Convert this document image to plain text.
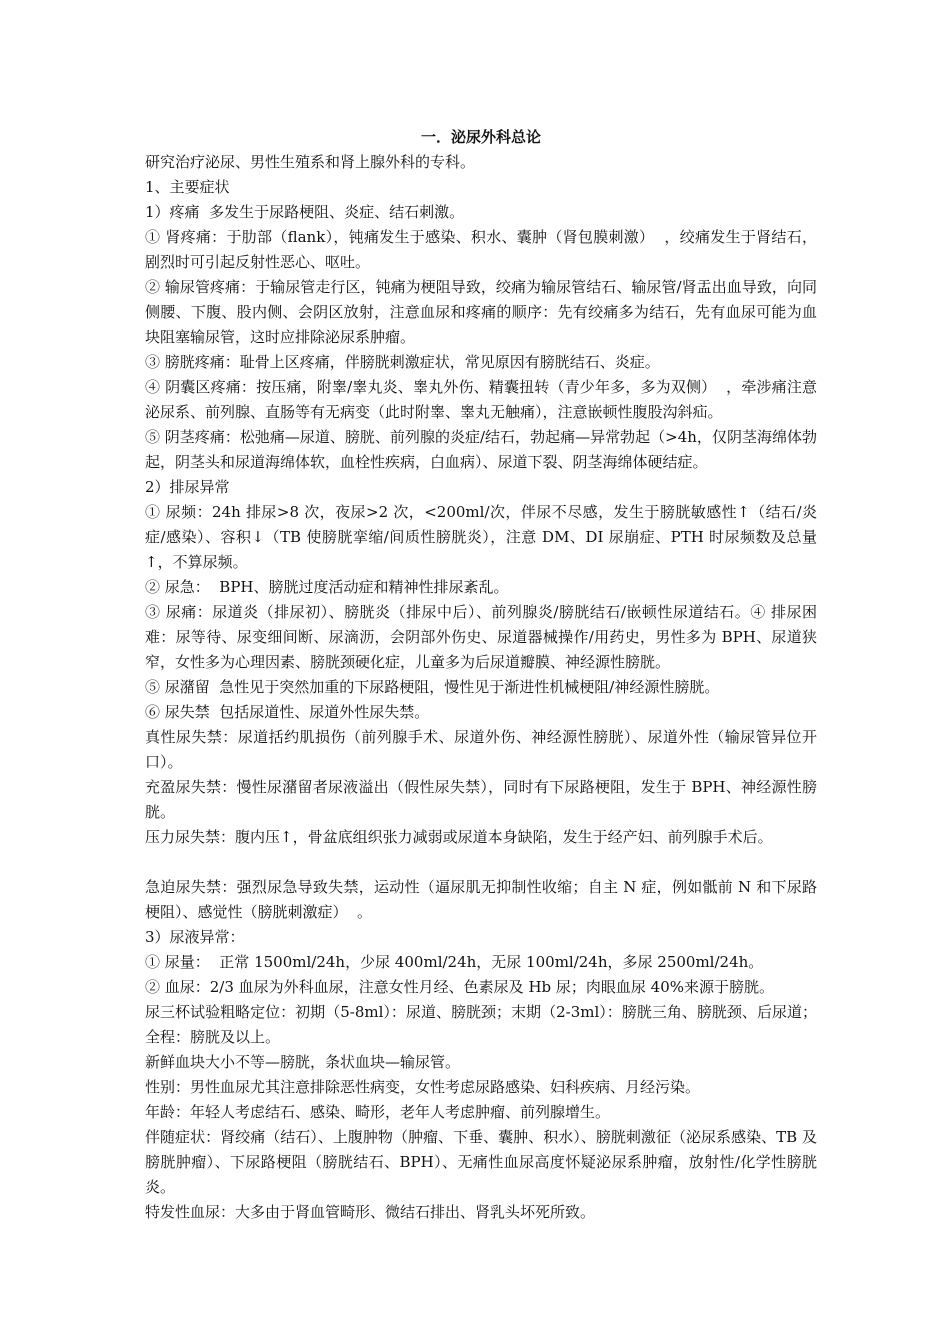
一．泌尿外科总论

研究治疗泌尿、男性生殖系和肾上腺外科的专科。

1、主要症状

1）疼痛  多发生于尿路梗阻、炎症、结石刺激。

① 肾疼痛：于肋部（flank），钝痛发生于感染、积水、囊肿（肾包膜刺激）  ，绞痛发生于肾结石，剧烈时可引起反射性恶心、呕吐。

② 输尿管疼痛：于输尿管走行区，钝痛为梗阻导致，绞痛为输尿管结石、输尿管/肾盂出血导致，向同侧腰、下腹、股内侧、会阴区放射，注意血尿和疼痛的顺序：先有绞痛多为结石，先有血尿可能为血块阻塞输尿管，这时应排除泌尿系肿瘤。

③ 膀胱疼痛：耻骨上区疼痛，伴膀胱刺激症状，常见原因有膀胱结石、炎症。

④ 阴囊区疼痛：按压痛，附睾/睾丸炎、睾丸外伤、精囊扭转（青少年多，多为双侧）  ，牵涉痛注意泌尿系、前列腺、直肠等有无病变（此时附睾、睾丸无触痛），注意嵌顿性腹股沟斜疝。

⑤ 阴茎疼痛：松弛痛—尿道、膀胱、前列腺的炎症/结石，勃起痛—异常勃起（>4h，仅阴茎海绵体勃起，阴茎头和尿道海绵体软，血栓性疾病，白血病）、尿道下裂、阴茎海绵体硬结症。

2）排尿异常

① 尿频：24h 排尿>8 次，夜尿>2 次，<200ml/次，伴尿不尽感，发生于膀胱敏感性↑（结石/炎症/感染）、容积↓（TB 使膀胱挛缩/间质性膀胱炎），注意 DM、DI 尿崩症、PTH 时尿频数及总量↑，不算尿频。

② 尿急：  BPH、膀胱过度活动症和精神性排尿紊乱。

③ 尿痛：尿道炎（排尿初）、膀胱炎（排尿中后）、前列腺炎/膀胱结石/嵌顿性尿道结石。④ 排尿困难：尿等待、尿变细间断、尿滴沥，会阴部外伤史、尿道器械操作/用药史，男性多为 BPH、尿道狭窄，女性多为心理因素、膀胱颈硬化症，儿童多为后尿道瓣膜、神经源性膀胱。

⑤ 尿潴留  急性见于突然加重的下尿路梗阻，慢性见于渐进性机械梗阻/神经源性膀胱。

⑥ 尿失禁  包括尿道性、尿道外性尿失禁。

真性尿失禁：尿道括约肌损伤（前列腺手术、尿道外伤、神经源性膀胱）、尿道外性（输尿管异位开口）。

充盈尿失禁：慢性尿潴留者尿液溢出（假性尿失禁），同时有下尿路梗阻，发生于 BPH、神经源性膀胱。

压力尿失禁：腹内压↑，骨盆底组织张力减弱或尿道本身缺陷，发生于经产妇、前列腺手术后。

急迫尿失禁：强烈尿急导致失禁，运动性（逼尿肌无抑制性收缩；自主 N 症，例如骶前 N 和下尿路梗阻）、感觉性（膀胱刺激症）  。

3）尿液异常：

① 尿量：  正常 1500ml/24h，少尿 400ml/24h，无尿 100ml/24h，多尿 2500ml/24h。

② 血尿：2/3 血尿为外科血尿，注意女性月经、色素尿及 Hb 尿；肉眼血尿 40%来源于膀胱。

尿三杯试验粗略定位：初期（5-8ml）：尿道、膀胱颈；末期（2-3ml）：膀胱三角、膀胱颈、后尿道；全程：膀胱及以上。

新鲜血块大小不等—膀胱，条状血块—输尿管。

性别：男性血尿尤其注意排除恶性病变，女性考虑尿路感染、妇科疾病、月经污染。

年龄：年轻人考虑结石、感染、畸形，老年人考虑肿瘤、前列腺增生。

伴随症状：肾绞痛（结石）、上腹肿物（肿瘤、下垂、囊肿、积水）、膀胱刺激征（泌尿系感染、TB 及膀胱肿瘤）、下尿路梗阻（膀胱结石、BPH）、无痛性血尿高度怀疑泌尿系肿瘤，放射性/化学性膀胱炎。

特发性血尿：大多由于肾血管畸形、微结石排出、肾乳头坏死所致。
